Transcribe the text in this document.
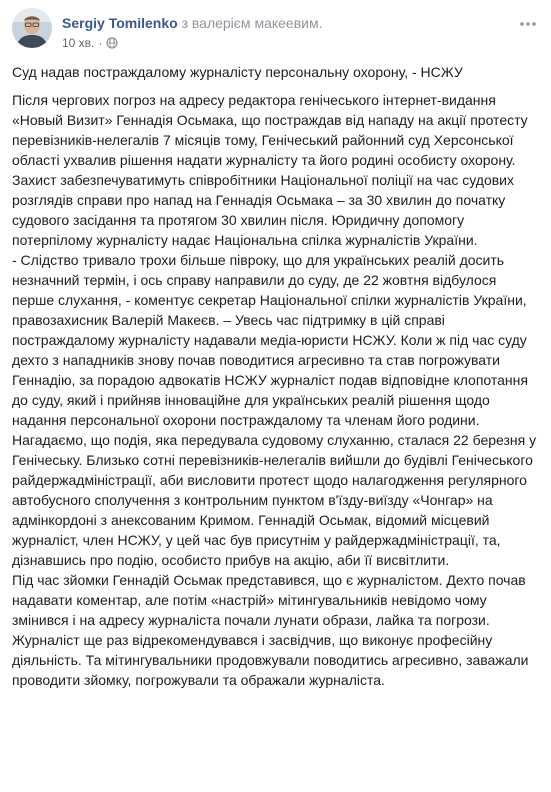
Sergiy Tomilenko з валерієм макеевим.
10 хв. ·
Суд надав постраждалому журналісту персональну охорону, - НСЖУ

Після чергових погроз на адресу редактора генічеського інтернет-видання «Новый Визит» Геннадія Осьмака, що постраждав від нападу на акції протесту перевізників-нелегалів 7 місяців тому, Генічеський районний суд Херсонської області ухвалив рішення надати журналісту та його родині особисту охорону. Захист забезпечуватимуть співробітники Національної поліції на час судових розглядів справи про напад на Геннадія Осьмака – за 30 хвилин до початку судового засідання та протягом 30 хвилин після. Юридичну допомогу потерпілому журналісту надає Національна спілка журналістів України.

- Слідство тривало трохи більше півроку, що для українських реалій досить незначний термін, і ось справу направили до суду, де 22 жовтня відбулося перше слухання, - коментує секретар Національної спілки журналістів України, правозахисник Валерій Макеєв. – Увесь час підтримку в цій справі постраждалому журналісту надавали медіа-юристи НСЖУ. Коли ж під час суду дехто з нападників знову почав поводитися агресивно та став погрожувати Геннадію, за порадою адвокатів НСЖУ журналіст подав відповідне клопотання до суду, який і прийняв інноваційне для українських реалій рішення щодо надання персональної охорони постраждалому та членам його родини.

Нагадаємо, що подія, яка передувала судовому слуханню, сталася 22 березня у Генічеську. Близько сотні перевізників-нелегалів вийшли до будівлі Генічеського райдержадміністрації, аби висловити протест щодо налагодження регулярного автобусного сполучення з контрольним пунктом в'їзду-виїзду «Чонгар» на адмінкордоні з анексованим Кримом. Геннадій Осьмак, відомий місцевий журналіст, член НСЖУ, у цей час був присутнім у райдержадміністрації, та, дізнавшись про подію, особисто прибув на акцію, аби її висвітлити.

Під час зйомки Геннадій Осьмак представився, що є журналістом. Дехто почав надавати коментар, але потім «настрій» мітингувальників невідомо чому змінився і на адресу журналіста почали лунати образи, лайка та погрози. Журналіст ще раз відрекомендувався і засвідчив, що виконує професійну діяльність. Та мітингувальники продовжували поводитись агресивно, заважали проводити зйомку, погрожували та ображали журналіста.
